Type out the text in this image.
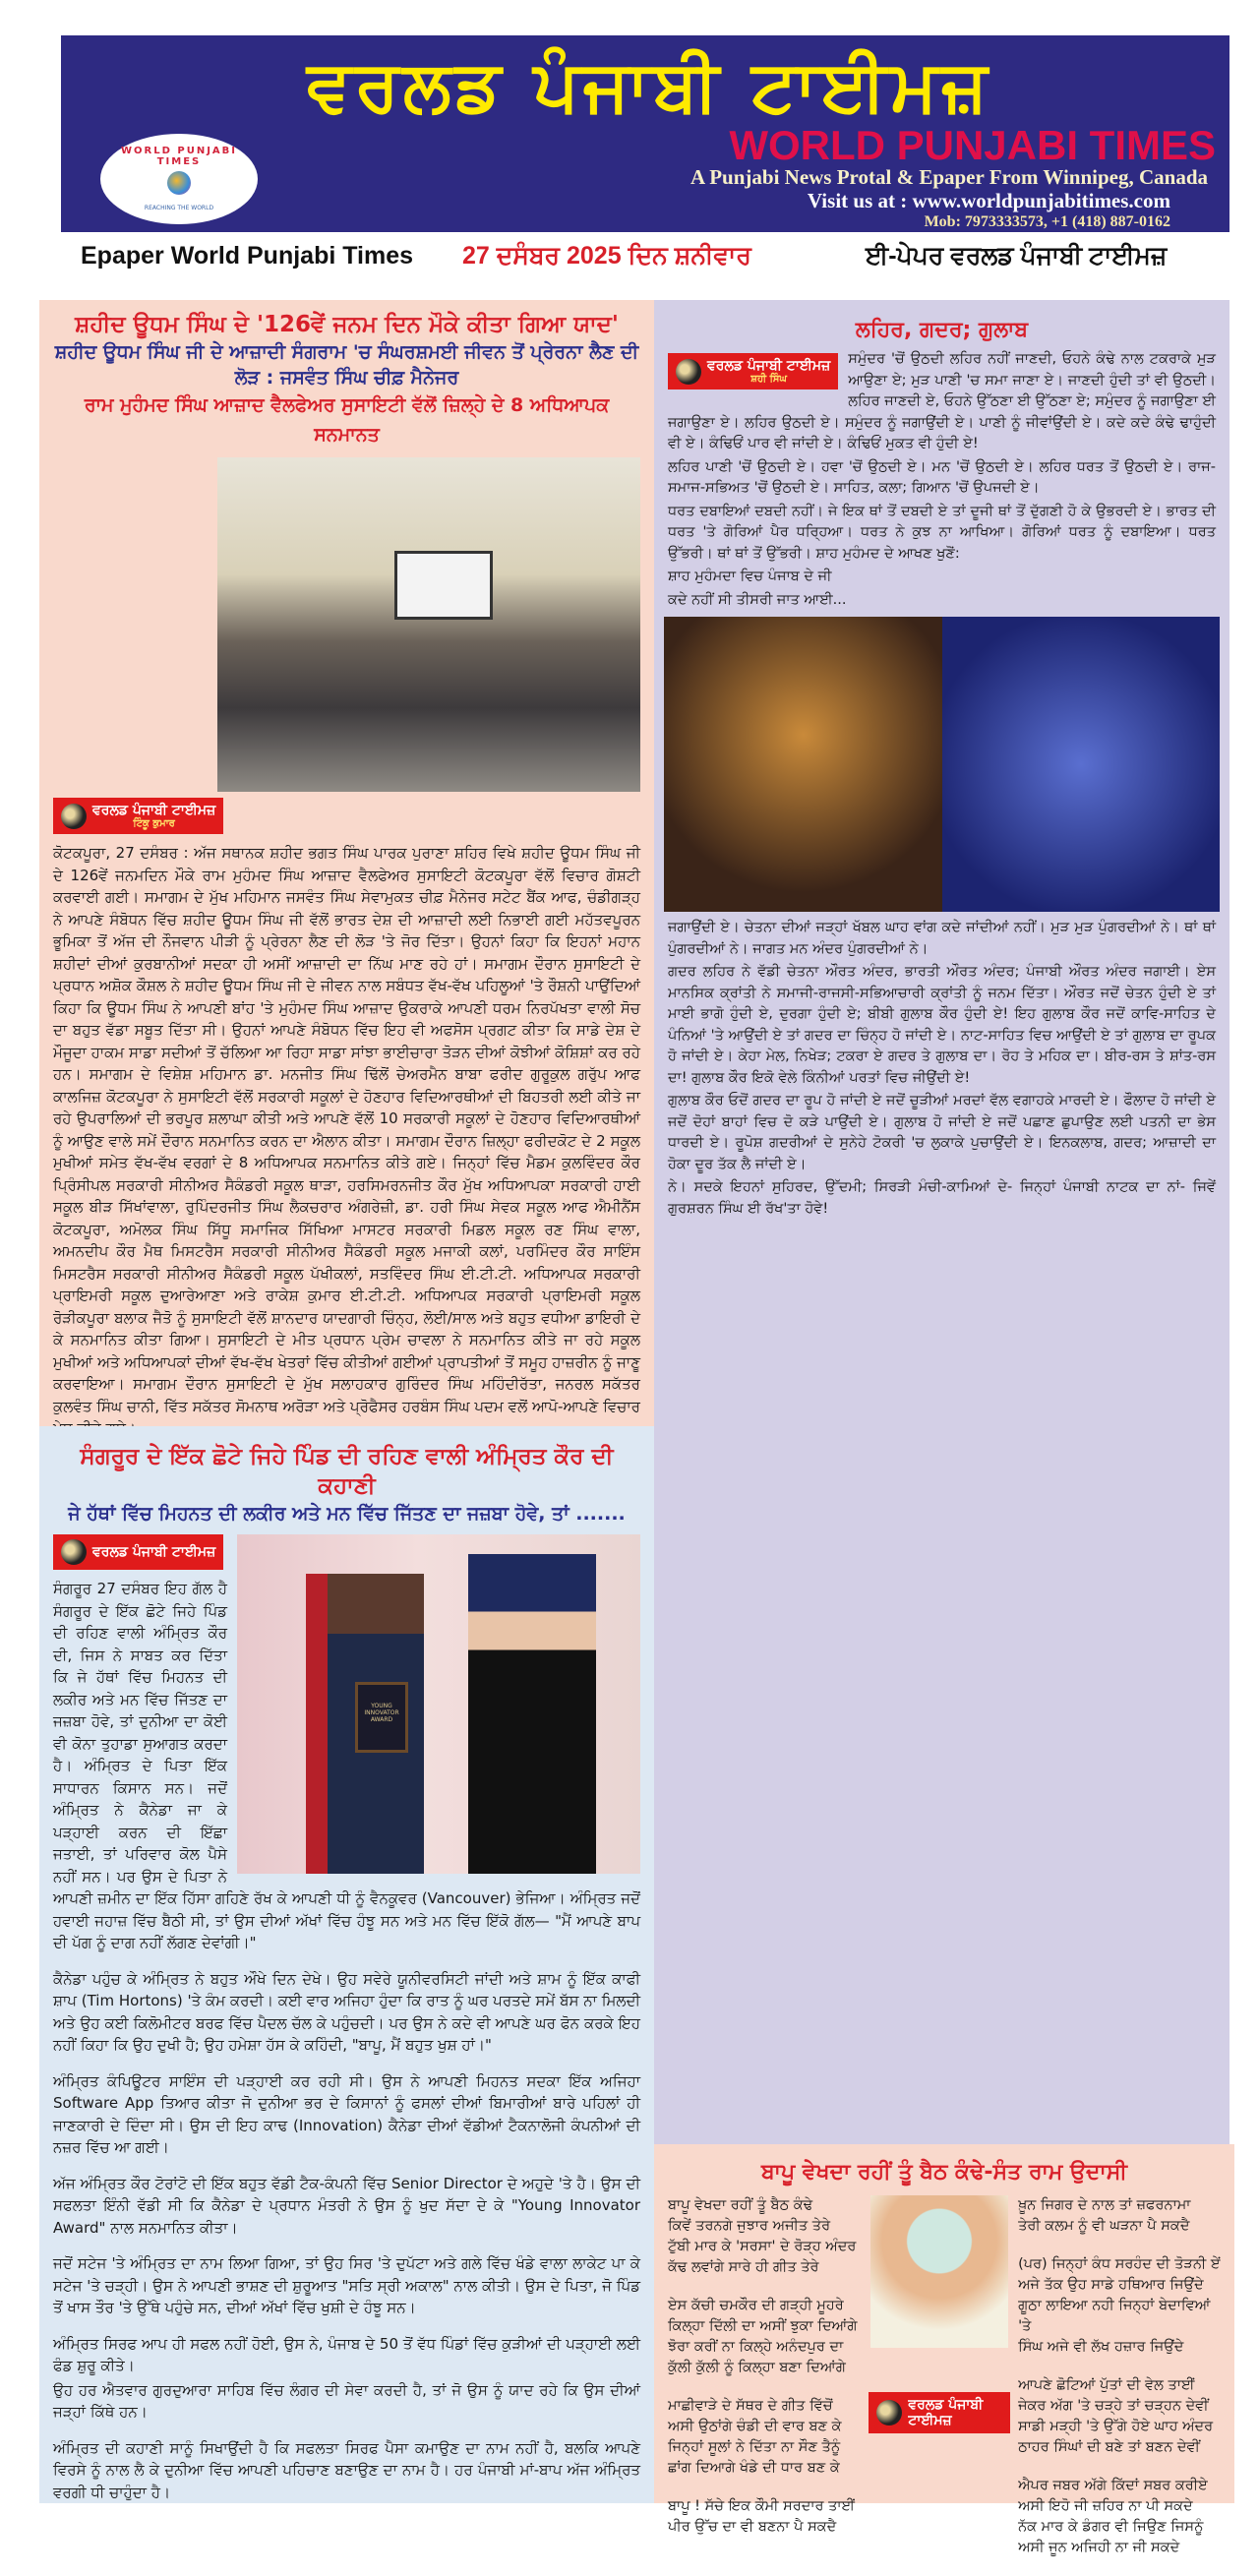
ਵਰਲਡ ਪੰਜਾਬੀ ਟਾਈਮਜ਼
WORLD PUNJABI TIMES
A Punjabi News Protal & Epaper From Winnipeg, Canada
Visit us at : www.worldpunjabitimes.com
Mob: 7973333573, +1 (418) 887-0162
WORLD PUNJABI TIMES
REACHING THE WORLD
Epaper World Punjabi Times 27 ਦਸੰਬਰ 2025 ਦਿਨ ਸ਼ਨੀਵਾਰ	ਈ-ਪੇਪਰ ਵਰਲਡ ਪੰਜਾਬੀ ਟਾਈਮਜ਼
ਸ਼ਹੀਦ ਊਧਮ ਸਿੰਘ ਦੇ '126ਵੇਂ ਜਨਮ ਦਿਨ ਮੌਕੇ ਕੀਤਾ ਗਿਆ ਯਾਦ'
ਸ਼ਹੀਦ ਊਧਮ ਸਿੰਘ ਜੀ ਦੇ ਆਜ਼ਾਦੀ ਸੰਗਰਾਮ 'ਚ ਸੰਘਰਸ਼ਮਈ ਜੀਵਨ ਤੋਂ ਪ੍ਰੇਰਨਾ ਲੈਣ ਦੀ ਲੋੜ : ਜਸਵੰਤ ਸਿੰਘ ਚੀਫ਼ ਮੈਨੇਜਰ
ਰਾਮ ਮੁਹੰਮਦ ਸਿੰਘ ਆਜ਼ਾਦ ਵੈਲਫੇਅਰ ਸੁਸਾਇਟੀ ਵੱਲੋਂ ਜ਼ਿਲ੍ਹੇ ਦੇ 8 ਅਧਿਆਪਕ ਸਨਮਾਨਤ
ਵਰਲਡ ਪੰਜਾਬੀ ਟਾਈਮਜ਼
ਟਿੰਕੂ ਕੁਮਾਰ
ਕੋਟਕਪੂਰਾ, 27 ਦਸੰਬਰ : ਅੱਜ ਸਥਾਨਕ ਸ਼ਹੀਦ ਭਗਤ ਸਿੰਘ ਪਾਰਕ ਪੁਰਾਣਾ ਸ਼ਹਿਰ ਵਿਖੇ ਸ਼ਹੀਦ ਊਧਮ ਸਿੰਘ ਜੀ ਦੇ 126ਵੇਂ ਜਨਮਦਿਨ ਮੌਕੇ ਰਾਮ ਮੁਹੰਮਦ ਸਿੰਘ ਆਜ਼ਾਦ ਵੈਲਫੇਅਰ ਸੁਸਾਇਟੀ ਕੋਟਕਪੂਰਾ ਵੱਲੋਂ ਵਿਚਾਰ ਗੋਸ਼ਟੀ ਕਰਵਾਈ ਗਈ। ਸਮਾਗਮ ਦੇ ਮੁੱਖ ਮਹਿਮਾਨ ਜਸਵੰਤ ਸਿੰਘ ਸੇਵਾਮੁਕਤ ਚੀਫ਼ ਮੈਨੇਜਰ ਸਟੇਟ ਬੈਂਕ ਆਫ, ਚੰਡੀਗੜ੍ਹ ਨੇ ਆਪਣੇ ਸੰਬੋਧਨ ਵਿੱਚ ਸ਼ਹੀਦ ਊਧਮ ਸਿੰਘ ਜੀ ਵੱਲੋਂ ਭਾਰਤ ਦੇਸ਼ ਦੀ ਆਜ਼ਾਦੀ ਲਈ ਨਿਭਾਈ ਗਈ ਮਹੱਤਵਪੂਰਨ ਭੂਮਿਕਾ ਤੋਂ ਅੱਜ ਦੀ ਨੌਜਵਾਨ ਪੀੜੀ ਨੂੰ ਪ੍ਰੇਰਨਾ ਲੈਣ ਦੀ ਲੋੜ 'ਤੇ ਜੋਰ ਦਿੱਤਾ। ਉਹਨਾਂ ਕਿਹਾ ਕਿ ਇਹਨਾਂ ਮਹਾਨ ਸ਼ਹੀਦਾਂ ਦੀਆਂ ਕੁਰਬਾਨੀਆਂ ਸਦਕਾ ਹੀ ਅਸੀਂ ਆਜ਼ਾਦੀ ਦਾ ਨਿੱਘ ਮਾਣ ਰਹੇ ਹਾਂ। ਸਮਾਗਮ ਦੌਰਾਨ ਸੁਸਾਇਟੀ ਦੇ ਪ੍ਰਧਾਨ ਅਸ਼ੋਕ ਕੌਸ਼ਲ ਨੇ ਸ਼ਹੀਦ ਊਧਮ ਸਿੰਘ ਜੀ ਦੇ ਜੀਵਨ ਨਾਲ ਸਬੰਧਤ ਵੱਖ-ਵੱਖ ਪਹਿਲੂਆਂ 'ਤੇ ਰੌਸ਼ਨੀ ਪਾਉਂਦਿਆਂ ਕਿਹਾ ਕਿ ਊਧਮ ਸਿੰਘ ਨੇ ਆਪਣੀ ਬਾਂਹ 'ਤੇ ਮੁਹੰਮਦ ਸਿੰਘ ਆਜ਼ਾਦ ਉਕਰਾਕੇ ਆਪਣੀ ਧਰਮ ਨਿਰਪੱਖਤਾ ਵਾਲੀ ਸੋਚ ਦਾ ਬਹੁਤ ਵੱਡਾ ਸਬੂਤ ਦਿੱਤਾ ਸੀ। ਉਹਨਾਂ ਆਪਣੇ ਸੰਬੋਧਨ ਵਿੱਚ ਇਹ ਵੀ ਅਫਸੋਸ ਪ੍ਰਗਟ ਕੀਤਾ ਕਿ ਸਾਡੇ ਦੇਸ਼ ਦੇ ਮੌਜੂਦਾ ਹਾਕਮ ਸਾਡਾ ਸਦੀਆਂ ਤੋਂ ਚੱਲਿਆ ਆ ਰਿਹਾ ਸਾਡਾ ਸਾਂਝਾ ਭਾਈਚਾਰਾ ਤੋੜਨ ਦੀਆਂ ਕੋਝੀਆਂ ਕੋਸ਼ਿਸ਼ਾਂ ਕਰ ਰਹੇ ਹਨ। ਸਮਾਗਮ ਦੇ ਵਿਸ਼ੇਸ਼ ਮਹਿਮਾਨ ਡਾ. ਮਨਜੀਤ ਸਿੰਘ ਢਿੱਲੋਂ ਚੇਅਰਮੈਨ ਬਾਬਾ ਫਰੀਦ ਗੁਰੂਕੁਲ ਗਰੁੱਪ ਆਫ ਕਾਲਜਿਜ਼ ਕੋਟਕਪੂਰਾ ਨੇ ਸੁਸਾਇਟੀ ਵੱਲੋਂ ਸਰਕਾਰੀ ਸਕੂਲਾਂ ਦੇ ਹੋਣਹਾਰ ਵਿਦਿਆਰਥੀਆਂ ਦੀ ਬਿਹਤਰੀ ਲਈ ਕੀਤੇ ਜਾ ਰਹੇ ਉਪਰਾਲਿਆਂ ਦੀ ਭਰਪੂਰ ਸ਼ਲਾਘਾ ਕੀਤੀ ਅਤੇ ਆਪਣੇ ਵੱਲੋਂ 10 ਸਰਕਾਰੀ ਸਕੂਲਾਂ ਦੇ ਹੋਣਹਾਰ ਵਿਦਿਆਰਥੀਆਂ ਨੂੰ ਆਉਣ ਵਾਲੇ ਸਮੇਂ ਦੌਰਾਨ ਸਨਮਾਨਿਤ ਕਰਨ ਦਾ ਐਲਾਨ ਕੀਤਾ। ਸਮਾਗਮ ਦੌਰਾਨ ਜ਼ਿਲ੍ਹਾ ਫਰੀਦਕੋਟ ਦੇ 2 ਸਕੂਲ ਮੁਖੀਆਂ ਸਮੇਤ ਵੱਖ-ਵੱਖ ਵਰਗਾਂ ਦੇ 8 ਅਧਿਆਪਕ ਸਨਮਾਨਿਤ ਕੀਤੇ ਗਏ। ਜਿਨ੍ਹਾਂ ਵਿੱਚ ਮੈਡਮ ਕੁਲਵਿੰਦਰ ਕੌਰ ਪ੍ਰਿੰਸੀਪਲ ਸਰਕਾਰੀ ਸੀਨੀਅਰ ਸੈਕੰਡਰੀ ਸਕੂਲ ਥਾੜਾ, ਹਰਸਿਮਰਨਜੀਤ ਕੌਰ ਮੁੱਖ ਅਧਿਆਪਕਾ ਸਰਕਾਰੀ ਹਾਈ ਸਕੂਲ ਬੀੜ ਸਿੱਖਾਂਵਾਲਾ, ਰੁਪਿੰਦਰਜੀਤ ਸਿੰਘ ਲੈਕਚਰਾਰ ਅੰਗਰੇਜ਼ੀ, ਡਾ. ਹਰੀ ਸਿੰਘ ਸੇਵਕ ਸਕੂਲ ਆਫ ਐਮੀਨੈਂਸ ਕੋਟਕਪੂਰਾ, ਅਮੋਲਕ ਸਿੰਘ ਸਿੱਧੂ ਸਮਾਜਿਕ ਸਿੱਖਿਆ ਮਾਸਟਰ ਸਰਕਾਰੀ ਮਿਡਲ ਸਕੂਲ ਰਣ ਸਿੰਘ ਵਾਲਾ, ਅਮਨਦੀਪ ਕੌਰ ਮੈਥ ਮਿਸਟਰੈਸ ਸਰਕਾਰੀ ਸੀਨੀਅਰ ਸੈਕੰਡਰੀ ਸਕੂਲ ਮਜਾਕੀ ਕਲਾਂ, ਪਰਮਿੰਦਰ ਕੌਰ ਸਾਇੰਸ ਮਿਸਟਰੈਸ ਸਰਕਾਰੀ ਸੀਨੀਅਰ ਸੈਕੰਡਰੀ ਸਕੂਲ ਪੱਖੀਕਲਾਂ, ਸਤਵਿੰਦਰ ਸਿੰਘ ਈ.ਟੀ.ਟੀ. ਅਧਿਆਪਕ ਸਰਕਾਰੀ ਪ੍ਰਾਇਮਰੀ ਸਕੂਲ ਦੁਆਰੇਆਣਾ ਅਤੇ ਰਾਕੇਸ਼ ਕੁਮਾਰ ਈ.ਟੀ.ਟੀ. ਅਧਿਆਪਕ ਸਰਕਾਰੀ ਪ੍ਰਾਇਮਰੀ ਸਕੂਲ ਰੋੜੀਕਪੂਰਾ ਬਲਾਕ ਜੈਤੋ ਨੂੰ ਸੁਸਾਇਟੀ ਵੱਲੋਂ ਸ਼ਾਨਦਾਰ ਯਾਦਗਾਰੀ ਚਿੰਨ੍ਹ, ਲੋਈ/ਸਾਲ ਅਤੇ ਬਹੁਤ ਵਧੀਆ ਡਾਇਰੀ ਦੇ ਕੇ ਸਨਮਾਨਿਤ ਕੀਤਾ ਗਿਆ। ਸੁਸਾਇਟੀ ਦੇ ਮੀਤ ਪ੍ਰਧਾਨ ਪ੍ਰੇਮ ਚਾਵਲਾ ਨੇ ਸਨਮਾਨਿਤ ਕੀਤੇ ਜਾ ਰਹੇ ਸਕੂਲ ਮੁਖੀਆਂ ਅਤੇ ਅਧਿਆਪਕਾਂ ਦੀਆਂ ਵੱਖ-ਵੱਖ ਖੇਤਰਾਂ ਵਿੱਚ ਕੀਤੀਆਂ ਗਈਆਂ ਪ੍ਰਾਪਤੀਆਂ ਤੋਂ ਸਮੂਹ ਹਾਜ਼ਰੀਨ ਨੂੰ ਜਾਣੂ ਕਰਵਾਇਆ। ਸਮਾਗਮ ਦੌਰਾਨ ਸੁਸਾਇਟੀ ਦੇ ਮੁੱਖ ਸਲਾਹਕਾਰ ਗੁਰਿੰਦਰ ਸਿੰਘ ਮਹਿੰਦੀਰੱਤਾ, ਜਨਰਲ ਸਕੱਤਰ ਕੁਲਵੰਤ ਸਿੰਘ ਚਾਨੀ, ਵਿੱਤ ਸਕੱਤਰ ਸੋਮਨਾਥ ਅਰੋੜਾ ਅਤੇ ਪ੍ਰੋਫੈਸਰ ਹਰਬੰਸ ਸਿੰਘ ਪਦਮ ਵਲੋਂ ਆਪੋ-ਆਪਣੇ ਵਿਚਾਰ
ਲਹਿਰ, ਗਦਰ; ਗੁਲਾਬ
ਵਰਲਡ ਪੰਜਾਬੀ ਟਾਈਮਜ਼
ਸ਼ਹੀ ਸਿੰਘ

ਸਮੁੰਦਰ 'ਚੋਂ ਉਠਦੀ ਲਹਿਰ ਨਹੀਂ ਜਾਣਦੀ, ਓਹਨੇ ਕੰਢੇ ਨਾਲ ਟਕਰਾਕੇ ਮੁੜ ਆਉਣਾ ਏ; ਮੁੜ ਪਾਣੀ 'ਚ ਸਮਾ ਜਾਣਾ ਏ। ਜਾਣਦੀ ਹੁੰਦੀ ਤਾਂ ਵੀ ਉਠਦੀ। ਲਹਿਰ ਜਾਣਦੀ ਏ, ਓਹਨੇ ਉੱਠਣਾ ਈ ਉੱਠਣਾ ਏ; ਸਮੁੰਦਰ ਨੂੰ ਜਗਾਉਣਾ ਈ ਜਗਾਉਣਾ ਏ। ਲਹਿਰ ਉਠਦੀ ਏ। ਸਮੁੰਦਰ ਨੂੰ ਜਗਾਉਂਦੀ ਏ। ਪਾਣੀ ਨੂੰ ਜੀਵਾਂਉਂਦੀ ਏ। ਕਦੇ ਕਦੇ ਕੰਢੇ ਢਾਹੁੰਦੀ ਵੀ ਏ। ਕੰਢਿਓਂ ਪਾਰ ਵੀ ਜਾਂਦੀ ਏ। ਕੰਢਿਓਂ ਮੁਕਤ ਵੀ ਹੁੰਦੀ ਏ!

ਲਹਿਰ ਪਾਣੀ 'ਚੋਂ ਉਠਦੀ ਏ। ਹਵਾ 'ਚੋਂ ਉਠਦੀ ਏ। ਮਨ 'ਚੋਂ ਉਠਦੀ ਏ। ਲਹਿਰ ਧਰਤ ਤੋਂ ਉਠਦੀ ਏ। ਰਾਜ-ਸਮਾਜ-ਸਭਿਅਤ 'ਚੋਂ ਉਠਦੀ ਏ। ਸਾਹਿਤ, ਕਲਾ; ਗਿਆਨ 'ਚੋਂ ਉਪਜਦੀ ਏ।

ਧਰਤ ਦਬਾਇਆਂ ਦਬਦੀ ਨਹੀਂ। ਜੇ ਇਕ ਥਾਂ ਤੋਂ ਦਬਦੀ ਏ ਤਾਂ ਦੂਜੀ ਥਾਂ ਤੋਂ ਦੁੱਗਣੀ ਹੋ ਕੇ ਉਭਰਦੀ ਏ। ਭਾਰਤ ਦੀ ਧਰਤ 'ਤੇ ਗੋਰਿਆਂ ਪੈਰ ਧਰ੍ਹਿਆ। ਧਰਤ ਨੇ ਕੁਝ ਨਾ ਆਖਿਆ। ਗੋਰਿਆਂ ਧਰਤ ਨੂੰ ਦਬਾਇਆ। ਧਰਤ ਉੱਭਰੀ। ਥਾਂ ਥਾਂ ਤੋਂ ਉੱਭਰੀ। ਸ਼ਾਹ ਮੁਹੰਮਦ ਦੇ ਆਖਣ ਖੁਣੋਂ:

ਸ਼ਾਹ ਮੁਹੰਮਦਾ ਵਿਚ ਪੰਜਾਬ ਦੇ ਜੀ

ਕਦੇ ਨਹੀਂ ਸੀ ਤੀਸਰੀ ਜਾਤ ਆਈ...

ਜਗਾਉਂਦੀ ਏ। ਚੇਤਨਾ ਦੀਆਂ ਜੜ੍ਹਾਂ ਖੱਬਲ ਘਾਹ ਵਾਂਗ ਕਦੇ ਜਾਂਦੀਆਂ ਨਹੀਂ। ਮੁੜ ਮੁੜ ਪੁੰਗਰਦੀਆਂ ਨੇ। ਥਾਂ ਥਾਂ ਪੁੰਗਰਦੀਆਂ ਨੇ। ਜਾਗਤ ਮਨ ਅੰਦਰ ਪੁੰਗਰਦੀਆਂ ਨੇ।

ਗਦਰ ਲਹਿਰ ਨੇ ਵੱਡੀ ਚੇਤਨਾ ਔਰਤ ਅੰਦਰ, ਭਾਰਤੀ ਔਰਤ ਅੰਦਰ; ਪੰਜਾਬੀ ਔਰਤ ਅੰਦਰ ਜਗਾਈ। ਏਸ ਮਾਨਸਿਕ ਕ੍ਰਾਂਤੀ ਨੇ ਸਮਾਜੀ-ਰਾਜਸੀ-ਸਭਿਆਚਾਰੀ ਕ੍ਰਾਂਤੀ ਨੂੰ ਜਨਮ ਦਿੱਤਾ। ਔਰਤ ਜਦੋਂ ਚੇਤਨ ਹੁੰਦੀ ਏ ਤਾਂ ਮਾਈ ਭਾਗੋ ਹੁੰਦੀ ਏ, ਦੁਰਗਾ ਹੁੰਦੀ ਏ; ਬੀਬੀ ਗੁਲਾਬ ਕੌਰ ਹੁੰਦੀ ਏ! ਇਹ ਗੁਲਾਬ ਕੌਰ ਜਦੋਂ ਕਾਵਿ-ਸਾਹਿਤ ਦੇ ਪੰਨਿਆਂ 'ਤੇ ਆਉਂਦੀ ਏ ਤਾਂ ਗਦਰ ਦਾ ਚਿੰਨ੍ਹ ਹੋ ਜਾਂਦੀ ਏ। ਨਾਟ-ਸਾਹਿਤ ਵਿਚ ਆਉਂਦੀ ਏ ਤਾਂ ਗੁਲਾਬ ਦਾ ਰੂਪਕ ਹੋ ਜਾਂਦੀ ਏ। ਕੇਹਾ ਮੇਲ, ਨਿਖੇੜ; ਟਕਰਾ ਏ ਗਦਰ ਤੇ ਗੁਲਾਬ ਦਾ। ਰੋਹ ਤੇ ਮਹਿਕ ਦਾ। ਬੀਰ-ਰਸ ਤੇ ਸ਼ਾਂਤ-ਰਸ ਦਾ! ਗੁਲਾਬ ਕੌਰ ਇਕੋ ਵੇਲੇ ਕਿੰਨੀਆਂ ਪਰਤਾਂ ਵਿਚ ਜੀਉਂਦੀ ਏ!

ਗੁਲਾਬ ਕੌਰ ਓਦੋਂ ਗਦਰ ਦਾ ਰੂਪ ਹੋ ਜਾਂਦੀ ਏ ਜਦੋਂ ਚੂੜੀਆਂ ਮਰਦਾਂ ਵੱਲ ਵਗਾਹਕੇ ਮਾਰਦੀ ਏ। ਫੌਲਾਦ ਹੋ ਜਾਂਦੀ ਏ ਜਦੋਂ ਦੋਹਾਂ ਬਾਹਾਂ ਵਿਚ ਦੋ ਕੜੇ ਪਾਉਂਦੀ ਏ। ਗੁਲਾਬ ਹੋ ਜਾਂਦੀ ਏ ਜਦੋਂ ਪਛਾਣ ਛੁਪਾਉਣ ਲਈ ਪਤਨੀ ਦਾ ਭੇਸ ਧਾਰਦੀ ਏ। ਰੂਪੋਸ਼ ਗਦਰੀਆਂ ਦੇ ਸੁਨੇਹੇ ਟੋਕਰੀ 'ਚ ਲੁਕਾਕੇ ਪੁਚਾਉਂਦੀ ਏ। ਇਨਕਲਾਬ, ਗਦਰ; ਆਜ਼ਾਦੀ ਦਾ ਹੋਕਾ ਦੂਰ ਤੱਕ ਲੈ ਜਾਂਦੀ ਏ।

ਨੇ। ਸਦਕੇ ਇਹਨਾਂ ਸੁਹਿਰਦ, ਉੱਦਮੀ; ਸਿਰੜੀ ਮੰਚੀ-ਕਾਮਿਆਂ ਦੇ- ਜਿਨ੍ਹਾਂ ਪੰਜਾਬੀ ਨਾਟਕ ਦਾ ਨਾਂ- ਜਿਵੇਂ ਗੁਰਸ਼ਰਨ ਸਿੰਘ ਈ ਰੱਖ'ਤਾ ਹੋਵੇ!

ਸੰਗਰੂਰ ਦੇ ਇੱਕ ਛੋਟੇ ਜਿਹੇ ਪਿੰਡ ਦੀ ਰਹਿਣ ਵਾਲੀ ਅੰਮ੍ਰਿਤ ਕੌਰ ਦੀ ਕਹਾਣੀ
ਜੇ ਹੱਥਾਂ ਵਿੱਚ ਮਿਹਨਤ ਦੀ ਲਕੀਰ ਅਤੇ ਮਨ ਵਿੱਚ ਜਿੱਤਣ ਦਾ ਜਜ਼ਬਾ ਹੋਵੇ, ਤਾਂ .......
YOUNG INNOVATOR AWARD
ਵਰਲਡ ਪੰਜਾਬੀ ਟਾਈਮਜ਼

ਸੰਗਰੂਰ 27 ਦਸੰਬਰ ਇਹ ਗੱਲ ਹੈ ਸੰਗਰੂਰ ਦੇ ਇੱਕ ਛੋਟੇ ਜਿਹੇ ਪਿੰਡ ਦੀ ਰਹਿਣ ਵਾਲੀ ਅੰਮ੍ਰਿਤ ਕੌਰ ਦੀ, ਜਿਸ ਨੇ ਸਾਬਤ ਕਰ ਦਿੱਤਾ ਕਿ ਜੇ ਹੱਥਾਂ ਵਿੱਚ ਮਿਹਨਤ ਦੀ ਲਕੀਰ ਅਤੇ ਮਨ ਵਿੱਚ ਜਿੱਤਣ ਦਾ ਜਜ਼ਬਾ ਹੋਵੇ, ਤਾਂ ਦੁਨੀਆ ਦਾ ਕੋਈ ਵੀ ਕੋਨਾ ਤੁਹਾਡਾ ਸੁਆਗਤ ਕਰਦਾ ਹੈ। ਅੰਮ੍ਰਿਤ ਦੇ ਪਿਤਾ ਇੱਕ ਸਾਧਾਰਨ ਕਿਸਾਨ ਸਨ। ਜਦੋਂ ਅੰਮ੍ਰਿਤ ਨੇ ਕੈਨੇਡਾ ਜਾ ਕੇ ਪੜ੍ਹਾਈ ਕਰਨ ਦੀ ਇੱਛਾ ਜਤਾਈ, ਤਾਂ ਪਰਿਵਾਰ ਕੋਲ ਪੈਸੇ ਨਹੀਂ ਸਨ। ਪਰ ਉਸ ਦੇ ਪਿਤਾ ਨੇ ਆਪਣੀ ਜ਼ਮੀਨ ਦਾ ਇੱਕ ਹਿੱਸਾ ਗਹਿਣੇ ਰੱਖ ਕੇ ਆਪਣੀ ਧੀ ਨੂੰ ਵੈਨਕੂਵਰ (Vancouver) ਭੇਜਿਆ। ਅੰਮ੍ਰਿਤ ਜਦੋਂ ਹਵਾਈ ਜਹਾਜ਼ ਵਿੱਚ ਬੈਠੀ ਸੀ, ਤਾਂ ਉਸ ਦੀਆਂ ਅੱਖਾਂ ਵਿੱਚ ਹੰਝੂ ਸਨ ਅਤੇ ਮਨ ਵਿੱਚ ਇੱਕੋ ਗੱਲ— "ਮੈਂ ਆਪਣੇ ਬਾਪ ਦੀ ਪੱਗ ਨੂੰ ਦਾਗ ਨਹੀਂ ਲੱਗਣ ਦੇਵਾਂਗੀ।"

ਕੈਨੇਡਾ ਪਹੁੰਚ ਕੇ ਅੰਮ੍ਰਿਤ ਨੇ ਬਹੁਤ ਔਖੇ ਦਿਨ ਦੇਖੇ। ਉਹ ਸਵੇਰੇ ਯੂਨੀਵਰਸਿਟੀ ਜਾਂਦੀ ਅਤੇ ਸ਼ਾਮ ਨੂੰ ਇੱਕ ਕਾਫੀ ਸ਼ਾਪ (Tim Hortons) 'ਤੇ ਕੰਮ ਕਰਦੀ। ਕਈ ਵਾਰ ਅਜਿਹਾ ਹੁੰਦਾ ਕਿ ਰਾਤ ਨੂੰ ਘਰ ਪਰਤਦੇ ਸਮੇਂ ਬੱਸ ਨਾ ਮਿਲਦੀ ਅਤੇ ਉਹ ਕਈ ਕਿਲੋਮੀਟਰ ਬਰਫ ਵਿੱਚ ਪੈਦਲ ਚੱਲ ਕੇ ਪਹੁੰਚਦੀ। ਪਰ ਉਸ ਨੇ ਕਦੇ ਵੀ ਆਪਣੇ ਘਰ ਫੋਨ ਕਰਕੇ ਇਹ ਨਹੀਂ ਕਿਹਾ ਕਿ ਉਹ ਦੁਖੀ ਹੈ; ਉਹ ਹਮੇਸ਼ਾ ਹੱਸ ਕੇ ਕਹਿੰਦੀ, "ਬਾਪੂ, ਮੈਂ ਬਹੁਤ ਖੁਸ਼ ਹਾਂ।"

ਅੰਮ੍ਰਿਤ ਕੰਪਿਊਟਰ ਸਾਇੰਸ ਦੀ ਪੜ੍ਹਾਈ ਕਰ ਰਹੀ ਸੀ। ਉਸ ਨੇ ਆਪਣੀ ਮਿਹਨਤ ਸਦਕਾ ਇੱਕ ਅਜਿਹਾ Software App ਤਿਆਰ ਕੀਤਾ ਜੋ ਦੁਨੀਆ ਭਰ ਦੇ ਕਿਸਾਨਾਂ ਨੂੰ ਫਸਲਾਂ ਦੀਆਂ ਬਿਮਾਰੀਆਂ ਬਾਰੇ ਪਹਿਲਾਂ ਹੀ ਜਾਣਕਾਰੀ ਦੇ ਦਿੰਦਾ ਸੀ। ਉਸ ਦੀ ਇਹ ਕਾਢ (Innovation) ਕੈਨੇਡਾ ਦੀਆਂ ਵੱਡੀਆਂ ਟੈਕਨਾਲੋਜੀ ਕੰਪਨੀਆਂ ਦੀ ਨਜ਼ਰ ਵਿੱਚ ਆ ਗਈ।

ਅੱਜ ਅੰਮ੍ਰਿਤ ਕੌਰ ਟੋਰਾਂਟੋ ਦੀ ਇੱਕ ਬਹੁਤ ਵੱਡੀ ਟੈਕ-ਕੰਪਨੀ ਵਿੱਚ Senior Director ਦੇ ਅਹੁਦੇ 'ਤੇ ਹੈ। ਉਸ ਦੀ ਸਫਲਤਾ ਇੰਨੀ ਵੱਡੀ ਸੀ ਕਿ ਕੈਨੇਡਾ ਦੇ ਪ੍ਰਧਾਨ ਮੰਤਰੀ ਨੇ ਉਸ ਨੂੰ ਖੁਦ ਸੱਦਾ ਦੇ ਕੇ "Young Innovator Award" ਨਾਲ ਸਨਮਾਨਿਤ ਕੀਤਾ।

ਜਦੋਂ ਸਟੇਜ 'ਤੇ ਅੰਮ੍ਰਿਤ ਦਾ ਨਾਮ ਲਿਆ ਗਿਆ, ਤਾਂ ਉਹ ਸਿਰ 'ਤੇ ਦੁਪੱਟਾ ਅਤੇ ਗਲੇ ਵਿੱਚ ਖੰਡੇ ਵਾਲਾ ਲਾਕੇਟ ਪਾ ਕੇ ਸਟੇਜ 'ਤੇ ਚੜ੍ਹੀ। ਉਸ ਨੇ ਆਪਣੀ ਭਾਸ਼ਣ ਦੀ ਸ਼ੁਰੂਆਤ "ਸਤਿ ਸ੍ਰੀ ਅਕਾਲ" ਨਾਲ ਕੀਤੀ। ਉਸ ਦੇ ਪਿਤਾ, ਜੋ ਪਿੰਡ ਤੋਂ ਖਾਸ ਤੌਰ 'ਤੇ ਉੱਥੇ ਪਹੁੰਚੇ ਸਨ, ਦੀਆਂ ਅੱਖਾਂ ਵਿੱਚ ਖੁਸ਼ੀ ਦੇ ਹੰਝੂ ਸਨ।

ਅੰਮ੍ਰਿਤ ਸਿਰਫ ਆਪ ਹੀ ਸਫਲ ਨਹੀਂ ਹੋਈ, ਉਸ ਨੇ, ਪੰਜਾਬ ਦੇ 50 ਤੋਂ ਵੱਧ ਪਿੰਡਾਂ ਵਿੱਚ ਕੁੜੀਆਂ ਦੀ ਪੜ੍ਹਾਈ ਲਈ ਫੰਡ ਸ਼ੁਰੂ ਕੀਤੇ।

ਉਹ ਹਰ ਐਤਵਾਰ ਗੁਰਦੁਆਰਾ ਸਾਹਿਬ ਵਿੱਚ ਲੰਗਰ ਦੀ ਸੇਵਾ ਕਰਦੀ ਹੈ, ਤਾਂ ਜੋ ਉਸ ਨੂੰ ਯਾਦ ਰਹੇ ਕਿ ਉਸ ਦੀਆਂ ਜੜ੍ਹਾਂ ਕਿੱਥੇ ਹਨ।

ਅੰਮ੍ਰਿਤ ਦੀ ਕਹਾਣੀ ਸਾਨੂੰ ਸਿਖਾਉਂਦੀ ਹੈ ਕਿ ਸਫਲਤਾ ਸਿਰਫ ਪੈਸਾ ਕਮਾਉਣ ਦਾ ਨਾਮ ਨਹੀਂ ਹੈ, ਬਲਕਿ ਆਪਣੇ ਵਿਰਸੇ ਨੂੰ ਨਾਲ ਲੈ ਕੇ ਦੁਨੀਆ ਵਿੱਚ ਆਪਣੀ ਪਹਿਚਾਣ ਬਣਾਉਣ ਦਾ ਨਾਮ ਹੈ। ਹਰ ਪੰਜਾਬੀ ਮਾਂ-ਬਾਪ ਅੱਜ ਅੰਮ੍ਰਿਤ ਵਰਗੀ ਧੀ ਚਾਹੁੰਦਾ ਹੈ।

ਬਾਪੂ ਵੇਖਦਾ ਰਹੀਂ ਤੂੰ ਬੈਠ ਕੰਢੇ-ਸੰਤ ਰਾਮ ਉਦਾਸੀ
ਬਾਪੂ ਵੇਖਦਾ ਰਹੀਂ ਤੂੰ ਬੈਠ ਕੰਢੇ
ਕਿਵੇਂ ਤਰਨਗੇ ਜੁਝਾਰ ਅਜੀਤ ਤੇਰੇ
ਟੁੱਬੀ ਮਾਰ ਕੇ 'ਸਰਸਾ' ਦੇ ਰੋੜ੍ਹ ਅੰਦਰ
ਕੱਢ ਲਵਾਂਗੇ ਸਾਰੇ ਹੀ ਗੀਤ ਤੇਰੇ
ਏਸ ਕੱਚੀ ਚਮਕੌਰ ਦੀ ਗੜ੍ਹੀ ਮੂਹਰੇ
ਕਿਲ੍ਹਾ ਦਿੱਲੀ ਦਾ ਅਸੀਂ ਝੁਕਾ ਦਿਆਂਗੇ
ਝੋਰਾ ਕਰੀਂ ਨਾ ਕਿਲ੍ਹੇ ਅਨੰਦਪੁਰ ਦਾ
ਕੁੱਲੀ ਕੁੱਲੀ ਨੂੰ ਕਿਲ੍ਹਾ ਬਣਾ ਦਿਆਂਗੇ
ਮਾਛੀਵਾੜੇ ਦੇ ਸੱਥਰ ਦੇ ਗੀਤ ਵਿੱਚੋਂ
ਅਸੀ ਉਠਾਂਗੇ ਚੰਡੀ ਦੀ ਵਾਰ ਬਣ ਕੇ
ਜਿਨ੍ਹਾਂ ਸੂਲਾਂ ਨੇ ਦਿੱਤਾ ਨਾ ਸੌਣ ਤੈਨੂੰ
ਛਾਂਗ ਦਿਆਗੇ ਖੰਡੇ ਦੀ ਧਾਰ ਬਣ ਕੇ
ਬਾਪੂ ! ਸੱਚੇ ਇਕ ਕੌਮੀ ਸਰਦਾਰ ਤਾਈਂ
ਪੀਰ ਉੱਚ ਦਾ ਵੀ ਬਣਨਾ ਪੈ ਸਕਦੈ
ਵਰਲਡ ਪੰਜਾਬੀ ਟਾਈਮਜ਼
ਖ਼ੂਨ ਜਿਗਰ ਦੇ ਨਾਲ ਤਾਂ ਜ਼ਫਰਨਾਮਾ
ਤੇਰੀ ਕਲਮ ਨੂੰ ਵੀ ਘੜਨਾ ਪੈ ਸਕਦੈ
(ਪਰ) ਜਿਨ੍ਹਾਂ ਕੰਧ ਸਰਹੰਦ ਦੀ ਤੋੜਨੀ ਏਂ
ਅਜੇ ਤੱਕ ਉਹ ਸਾਡੇ ਹਥਿਆਰ ਜਿਉਂਦੇ
ਗੂਠਾ ਲਾਇਆ ਨਹੀ ਜਿਨ੍ਹਾਂ ਬੇਦਾਵਿਆਂ 'ਤੇ
ਸਿੰਘ ਅਜੇ ਵੀ ਲੱਖ ਹਜ਼ਾਰ ਜਿਉਂਦੇ
ਆਪਣੇ ਛੋਟਿਆਂ ਪੁੱਤਾਂ ਦੀ ਵੇਲ ਤਾਈਂ
ਜੇਕਰ ਅੱਗ 'ਤੇ ਚੜ੍ਹੇ ਤਾਂ ਚੜ੍ਹਨ ਦੇਵੀਂ
ਸਾਡੀ ਮੜ੍ਹੀ 'ਤੇ ਉੱਗੇ ਹੋਏ ਘਾਹ ਅੰਦਰ
ਠਾਹਰ ਸਿੰਘਾਂ ਦੀ ਬਣੇ ਤਾਂ ਬਣਨ ਦੇਵੀਂ
ਐਪਰ ਜਬਰ ਅੱਗੇ ਕਿੱਦਾਂ ਸਬਰ ਕਰੀਏ
ਅਸੀ ਇਹੋ ਜੀ ਜ਼ਹਿਰ ਨਾ ਪੀ ਸਕਦੇ
ਨੱਕ ਮਾਰ ਕੇ ਡੰਗਰ ਵੀ ਜਿਉਣ ਜਿਸਨੂੰ
ਅਸੀ ਜੂਨ ਅਜਿਹੀ ਨਾ ਜੀ ਸਕਦੇ
